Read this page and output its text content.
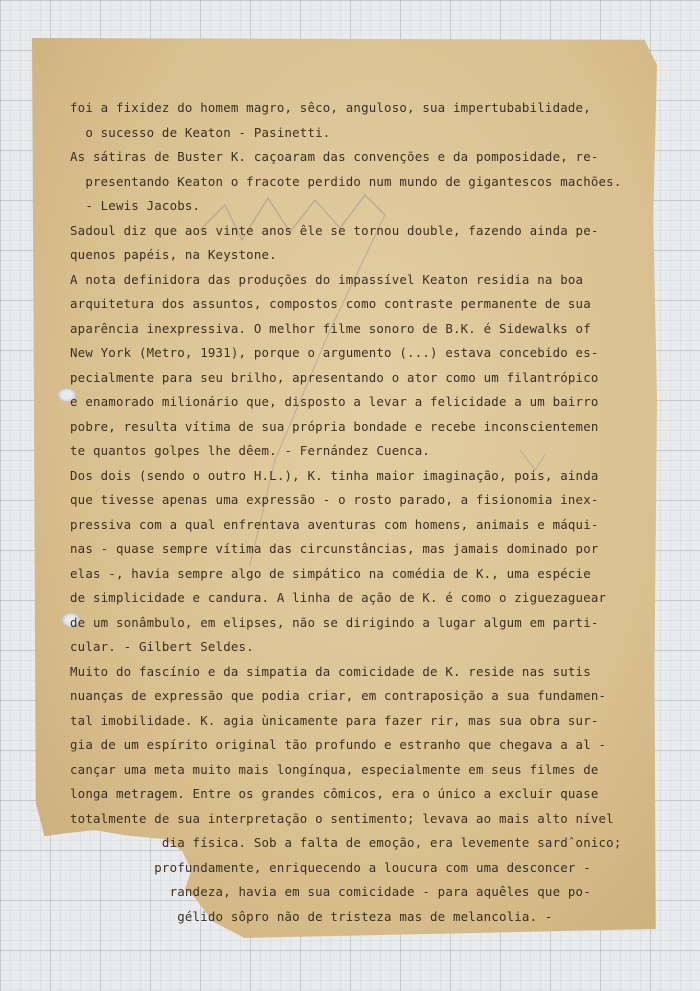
foi a fixidez do homem magro, sêco, anguloso, sua impertubabilidade,
o sucesso de Keaton - Pasinetti.
As sátiras de Buster K. caçoaram das convenções e da pomposidade, re-
presentando Keaton o fracote perdido num mundo de gigantescos machões.
- Lewis Jacobs.
Sadoul diz que aos vinte anos êle se tornou double, fazendo ainda pe-
quenos papéis, na Keystone.
A nota definidora das produções do impassível Keaton residia na boa
arquitetura dos assuntos, compostos como contraste permanente de sua
aparência inexpressiva. O melhor filme sonoro de B.K. é Sidewalks of
New York (Metro, 1931), porque o argumento (...) estava concebido es-
pecialmente para seu brilho, apresentando o ator como um filantrópico
e enamorado milionário que, disposto a levar a felicidade a um bairro
pobre, resulta vítima de sua própria bondade e recebe inconscientemen
te quantos golpes lhe dêem. - Fernández Cuenca.
Dos dois (sendo o outro H.L.), K. tinha maior imaginação, pois, ainda
que tivesse apenas uma expressão - o rosto parado, a fisionomia inex-
pressiva com a qual enfrentava aventuras com homens, animais e máqui-
nas - quase sempre vítima das circunstâncias, mas jamais dominado por
elas -, havia sempre algo de simpático na comédia de K., uma espécie
de simplicidade e candura. A linha de ação de K. é como o ziguezaguear
de um sonâmbulo, em elipses, não se dirigindo a lugar algum em parti-
cular. - Gilbert Seldes.
Muito do fascínio e da simpatia da comicidade de K. reside nas sutis
nuanças de expressão que podia criar, em contraposição a sua fundamen-
tal imobilidade. K. agia ùnicamente para fazer rir, mas sua obra sur-
gia de um espírito original tão profundo e estranho que chegava a al -
cançar uma meta muito mais longínqua, especialmente em seus filmes de
longa metragem. Entre os grandes cômicos, era o único a excluir quase
totalmente de sua interpretação o sentimento; levava ao mais alto nível
dia física. Sob a falta de emoção, era levemente sardˆonico;
profundamente, enriquecendo a loucura com uma desconcer -
randeza, havia em sua comicidade - para aquêles que po-
gélido sôpro não de tristeza mas de melancolia. -
